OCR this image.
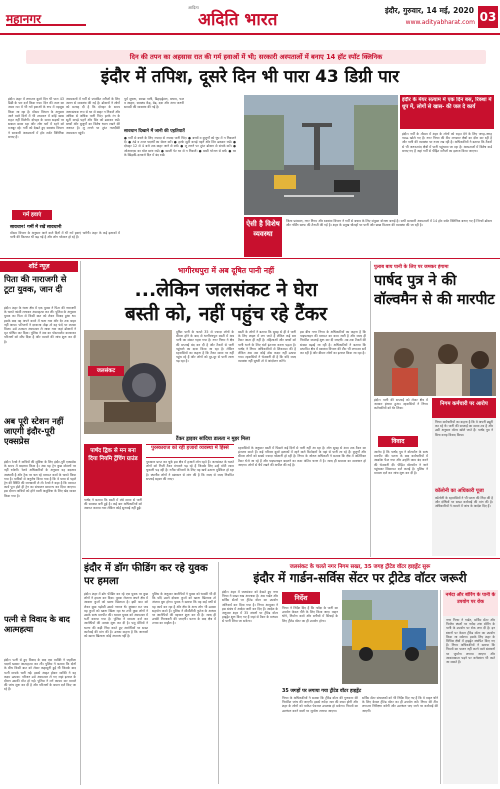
महानगर
आदित्य
अदिति भारत	इंदौर, गुरुवार, 14 मई, 2020
www.adityabharat.com 03
दिन की तपन का अहसास रात की गर्म हवाओं में भी; सरकारी अस्पतालों में बनाए 14 हॉट स्पॉट क्लिनिक
इंदौर में तपिश, दूसरे दिन भी पारा 43 डिग्री पार
इंदौर। शहर में लगातार दूसरे दिन भी पारा 43 डिग्री के पार दर्ज किया गया। दिन की तपन का असर रात में भी गर्म हवाओं के रूप में महसूस किया जा रहा है। मौसम विभाग के अनुसार आने वाले दिनों में भी तापमान में कोई खास राहत नहीं मिलेगी। दोपहर के समय सड़कों पर सन्नाटा छाया रहा और लोग घरों में रहने को मजबूर रहे। गर्मी को देखते हुए स्वास्थ्य विभाग ने सरकारी अस्पतालों में हॉट स्पॉट क्लिनिक बनाए हैं।
गर्म हवाएं
अस्पतालों में गर्मी से प्रभावित मरीजों के लिए अलग से व्यवस्था की गई है। डॉक्टरों ने लोगों को सलाह दी है कि दोपहर के समय अनावश्यक रूप से घर से बाहर न निकलें और अधिक से अधिक पानी पिएं। हल्के रंग के सूती कपड़े पहनें और सिर को ढककर रखें। बच्चों और बुजुर्गों का विशेष ध्यान रखने की जरूरत है। लू लगने पर तुरंत नजदीकी अस्पताल पहुंचें।
सावधान! गर्मी में रखें सावधानी
मौसम विभाग के अनुसार आने वाले दिनों में भी गर्म हवाएं चलेंगी। शहर के कई इलाकों में पानी की किल्लत भी बढ़ गई है और लोग परेशान हो रहे हैं।
पूर्व सूचना, स्वच्छ पानी, डिहाइड्रेशन, बचाव, फल व आहार, स्वास्थ्य केंद्र, बेड, दवा और अन्य जरूरी सामग्री की व्यवस्था की गई है।
सावधान दिखाने में जानी की एहतियातें
● गर्मी से बचने के लिए ज्यादा से ज्यादा पानी पिएं। ● बच्चों व बुजुर्गों को धूप में न निकलने दें। ● ठंडे व तरल पदार्थों का सेवन करें। ● हल्के सूती कपड़े पहनें और सिर ढककर रखें। ● दोपहर 12 से 4 बजे तक बाहर जाने से बचें। ● लू लगने पर तुरंत डॉक्टर से संपर्क करें। ● ओआरएस का घोल साथ रखें। ● खाली पेट घर से न निकलें। ● बासी भोजन से बचें। ● घर के खिड़की-दरवाजे दिन में बंद रखें।
इंदौर के मेयर सत्याम में एक दिन बस, रिक्शा में धूप में, लोगों से खास- की जल दे कार्य
इंदौर। गर्मी के मौसम में शहर के लोगों को राहत देने के लिए जगह-जगह प्याऊ खोले गए हैं। नगर निगम की टीम लगातार क्षेत्रों का दौरा कर रही है और पानी की व्यवस्था पर नजर रख रही है। अधिकारियों ने बताया कि टैंकरों से भी जरूरतमंद क्षेत्रों में पानी पहुंचाया जा रहा है। अस्पतालों में विशेष वार्ड बनाए गए हैं जहां गर्मी से पीड़ित मरीजों का इलाज किया जाएगा।
ऐसी है विशेष व्यवस्था
जिला प्रशासन, नगर निगम और स्वास्थ्य विभाग ने गर्मी से बचाव के लिए संयुक्त योजना बनाई है। सभी सरकारी अस्पतालों में 14 हॉट स्पॉट क्लिनिक बनाए गए हैं जिनमें डॉक्टर और नर्सिंग स्टाफ की तैनाती की गई है। शहर के प्रमुख चौराहों पर पानी और छाछ वितरण की व्यवस्था की जा रही है।
शॉर्ट न्यूज़
पिता की नाराजगी से टूटा युवक, जान दी
इंदौर। शहर के थाना क्षेत्र में एक युवक ने पिता की नाराजगी के चलते फांसी लगाकर आत्महत्या कर ली। पुलिस के अनुसार युवक का पिता से किसी बात को लेकर विवाद हुआ था। इसके बाद वह अपने कमरे में चला गया और देर तक बाहर नहीं आया। परिजनों ने दरवाजा तोड़ा तो वह फंदे पर लटका मिला। उसे तत्काल अस्पताल ले जाया गया जहां डॉक्टरों ने मृत घोषित कर दिया। पुलिस ने शव का पोस्टमार्टम करवाकर परिजनों को सौंप दिया है और मामले की जांच शुरू कर दी है।
अब पूरी स्टेशन नहीं जाएगी इंदौर-पूरी एक्सप्रेस
इंदौर। रेलवे ने यात्रियों की सुविधा के लिए इंदौर-पुरी एक्सप्रेस के समय में बदलाव किया है। अब यह ट्रेन कुछ स्टेशनों पर नहीं रुकेगी। रेलवे अधिकारियों के अनुसार यह बदलाव अस्थायी है और ट्रैक पर चल रहे मरम्मत कार्य के चलते किया गया है। यात्रियों से अनुरोध किया गया है कि वे यात्रा से पहले ट्रेन की स्थिति की जानकारी ले लें। रेलवे ने कहा है कि मरम्मत कार्य पूरा होते ही ट्रेन का संचालन सामान्य कर दिया जाएगा। इस दौरान यात्रियों को होने वाली असुविधा के लिए खेद व्यक्त किया गया है।
पत्नी से विवाद के बाद आत्महत्या
इंदौर। पत्नी से हुए विवाद के बाद एक व्यक्ति ने जहरीला पदार्थ खाकर आत्महत्या कर ली। पुलिस ने बताया कि दोनों के बीच किसी बात को लेकर कहासुनी हुई थी जिसके बाद पत्नी मायके चली गई। इससे आहत होकर व्यक्ति ने यह कदम उठाया। परिजन उसे अस्पताल ले गए जहां इलाज के दौरान उसकी मौत हो गई। पुलिस ने मर्ग कायम कर मामले की जांच शुरू कर दी है और परिजनों के बयान दर्ज किए जा रहे हैं।
भागीरथपुरा में अब दूषित पानी नहीं
...लेकिन जलसंकट ने घेरा
बस्ती को, नहीं पहुंच रहे टैंकर
जलसंकट
दूषित पानी के चलते 35 से ज्यादा लोगों के बीमार होने के बाद से भागीरथपुरा बस्ती में अब पानी का संकट गहरा गया है। नगर निगम ने क्षेत्र की सप्लाई बंद कर दी है और टैंकरों से पानी पहुंचाने का दावा किया जा रहा है। लेकिन रहवासियों का कहना है कि टैंकर समय पर नहीं पहुंच रहे हैं और लोगों को दूर-दूर से पानी लाना पड़ रहा है।
बस्ती के लोगों ने बताया कि सुबह से ही वे पानी के लिए लाइन में लग जाते हैं लेकिन कई बार टैंकर आता ही नहीं है। महिलाओं और बच्चों को पानी भरने के लिए घंटों इंतजार करना पड़ता है। पार्षद ने निगम अधिकारियों से शिकायत की है लेकिन अब तक कोई ठोस कदम नहीं उठाया गया। रहवासियों ने चेतावनी दी है कि यदि जल्द व्यवस्था नहीं सुधरी तो वे आंदोलन करेंगे।
इस बीच नगर निगम के अधिकारियों का कहना है कि पाइपलाइन की मरम्मत का काम जारी है और जल्द ही नियमित सप्लाई शुरू कर दी जाएगी। तब तक टैंकरों की संख्या बढ़ाई जा रही है। अधिकारियों ने बताया कि प्रभावित क्षेत्र में स्वास्थ्य विभाग की टीम भी लगातार सर्वे कर रही है और बीमार लोगों का इलाज किया जा रहा है।
टैंकर ड्राइवर सांदिया डालता न मुहर मिला
पार्षद द्विक से मन बना दिया नियमि ट्रेंचिंग ग्राउंड
पार्षद ने बताया कि बस्ती में लंबे समय से पानी की समस्या बनी हुई है। कई बार अधिकारियों को अवगत कराया गया लेकिन कोई सुनवाई नहीं हुई।
पुरस्काराज को रही हजारों व्यवस्था में हिस्से
पुरस्कार प्राप्त कर चुके इस क्षेत्र में हजारों लोग रहते हैं। जलसंकट के चलते लोगों को निजी टैंकर मंगवाने पड़ रहे हैं जिसके लिए उन्हें मोटी रकम चुकानी पड़ रही है। गरीब परिवारों के लिए यह खर्च उठाना मुश्किल हो रहा है। स्थानीय लोगों ने प्रशासन से मांग की है कि जल्द से जल्द नियमित सप्लाई बहाल की जाए।
रहवासियों के अनुसार बस्ती में पिछले कई दिनों से पानी नहीं आ रहा है। लोग सुबह से शाम तक टैंकर का इंतजार करते हैं। कई परिवार दूसरे इलाकों में रहने वाले रिश्तेदारों के यहां से पानी ला रहे हैं। बुजुर्गों और बीमार लोगों को सबसे ज्यादा परेशानी हो रही है। निगम के जोनल अधिकारी ने बताया कि क्षेत्र में अतिरिक्त टैंकर भेजे जा रहे हैं और पाइपलाइन बदलने का काम अंतिम चरण में है। जल्द ही समस्या का समाधान हो जाएगा। लोगों से धैर्य रखने की अपील की गई है।
पुलाब बाय पानी के लिए पर जमकर हंगामा
पार्षद पुत्र ने की वॉल्वमैन से की मारपीट
इंदौर। पानी की सप्लाई को लेकर क्षेत्र में जमकर हंगामा हुआ। रहवासियों ने निगम कर्मचारियों को घेर लिया।
विवाद
आरोप है कि पार्षद पुत्र ने वॉल्वमैन के साथ मारपीट की। घटना के बाद कर्मचारियों में आक्रोश फैल गया और उन्होंने काम बंद करने की चेतावनी दी। पीड़ित वॉल्वमैन ने थाने पहुंचकर शिकायत दर्ज कराई है। पुलिस ने मामला दर्ज कर जांच शुरू कर दी है।
निगम कर्मचारी पर आरोप
निगम कर्मचारियों का कहना है कि वे अपनी ड्यूटी कर रहे थे। पानी की सप्लाई का समय तय है और उसी अनुसार वॉल्व खोले जाते हैं। पार्षद पुत्र ने बिना वजह विवाद किया।
कॉलोनी का अधिकारी पूजा
कॉलोनी के रहवासियों ने भी घटना की निंदा की है और दोषियों पर सख्त कार्रवाई की मांग की है। अधिकारियों ने मामले में जांच के आदेश दिए हैं।
इंदौर में डॉग फीडिंग कर रहे युवक पर हमला
इंदौर। शहर में डॉग फीडिंग कर रहे एक युवक पर कुछ लोगों ने हमला कर दिया। युवक रोजाना अपने क्षेत्र में आवारा कुत्तों को खाना खिलाता है। इसी बात को लेकर कुछ पड़ोसी उससे नाराज थे। बुधवार रात जब वह कुत्तों को खाना खिला रहा था तभी कुछ लोगों ने उसके साथ मारपीट की। घायल युवक को अस्पताल में भर्ती कराया गया है। पुलिस ने मामला दर्ज कर आरोपियों की तलाश शुरू कर दी है। पशु प्रेमियों ने घटना की कड़ी निंदा करते हुए आरोपियों पर सख्त कार्रवाई की मांग की है। उनका कहना है कि जानवरों को खाना खिलाना कोई अपराध नहीं है।
पुलिस के अनुसार आरोपियों ने युवक को धमकी भी दी कि यदि उसने दोबारा कुत्तों को खाना खिलाया तो अंजाम बुरा होगा। युवक ने बताया कि वह कई वर्षों से यह कार्य कर रहा है और क्षेत्र के अन्य लोग भी उसका सहयोग करते हैं। पुलिस ने सीसीटीवी फुटेज के आधार पर आरोपियों की पहचान शुरू कर दी है। जल्द ही उनकी गिरफ्तारी की जाएगी। घटना के बाद क्षेत्र में तनाव का माहौल है।
जलसंकट के चलते नगर निगम सख्त, 35 जगह ट्रीटेड वॉटर हाइड्रेंट सुरू
इंदौर में गार्डन-सर्विस सेंटर पर ट्रीटेड वॉटर जरूरी
इंदौर। शहर में जलसंकट को देखते हुए नगर निगम ने सख्त रुख अपनाया है। अब गार्डन और सर्विस सेंटरों पर ट्रीटेड वॉटर का उपयोग अनिवार्य कर दिया गया है। निगम आयुक्त ने इस संबंध में आदेश जारी कर दिए हैं। आदेश के अनुसार शहर में 35 स्थानों पर ट्रीटेड वॉटर हाइड्रेंट शुरू किए गए हैं जहां से टैंकर के माध्यम से पानी लिया जा सकेगा।
निर्देश
निगम ने निर्देश दिए हैं कि नर्मदा के पानी का उपयोग केवल पीने के लिए किया जाए। वाहन धोने, निर्माण कार्य और बगीचों में सिंचाई के लिए ट्रीटेड वॉटर का ही उपयोग होगा।
35 जगहों पर लगाया गया ट्रीटेड वॉटर हाइड्रेंट
निगम के अधिकारियों ने बताया कि ट्रीटेड वॉटर की गुणवत्ता की नियमित जांच की जाएगी। इससे नर्मदा जल की बचत होगी और शहर के लोगों को पर्याप्त पेयजल उपलब्ध हो सकेगा। नियमों का उल्लंघन करने वालों पर जुर्माना लगाया जाएगा।
सर्विस सेंटर संचालकों को भी निर्देश दिए गए हैं कि वे वाहन धोने के लिए केवल ट्रीटेड वॉटर का ही उपयोग करें। निगम की टीम लगातार निरीक्षण करेगी और उल्लंघन पाए जाने पर कार्रवाई की जाएगी।
नर्मदा और बोरिंग के पानी के उपयोग पर रोक
नगर निगम ने गार्डन, सर्विस सेंटर और निर्माण स्थलों पर नर्मदा तथा बोरिंग के पानी के उपयोग पर रोक लगा दी है। इन स्थानों पर केवल ट्रीटेड वॉटर का उपयोग किया जा सकेगा। इसके लिए शहर के विभिन्न क्षेत्रों में हाइड्रेंट स्थापित किए गए हैं। निगम अधिकारियों ने बताया कि नियमों का पालन नहीं करने वाले संस्थानों पर जुर्माना लगाया जाएगा और आवश्यकता पड़ने पर कनेक्शन भी काटे जा सकते हैं।
